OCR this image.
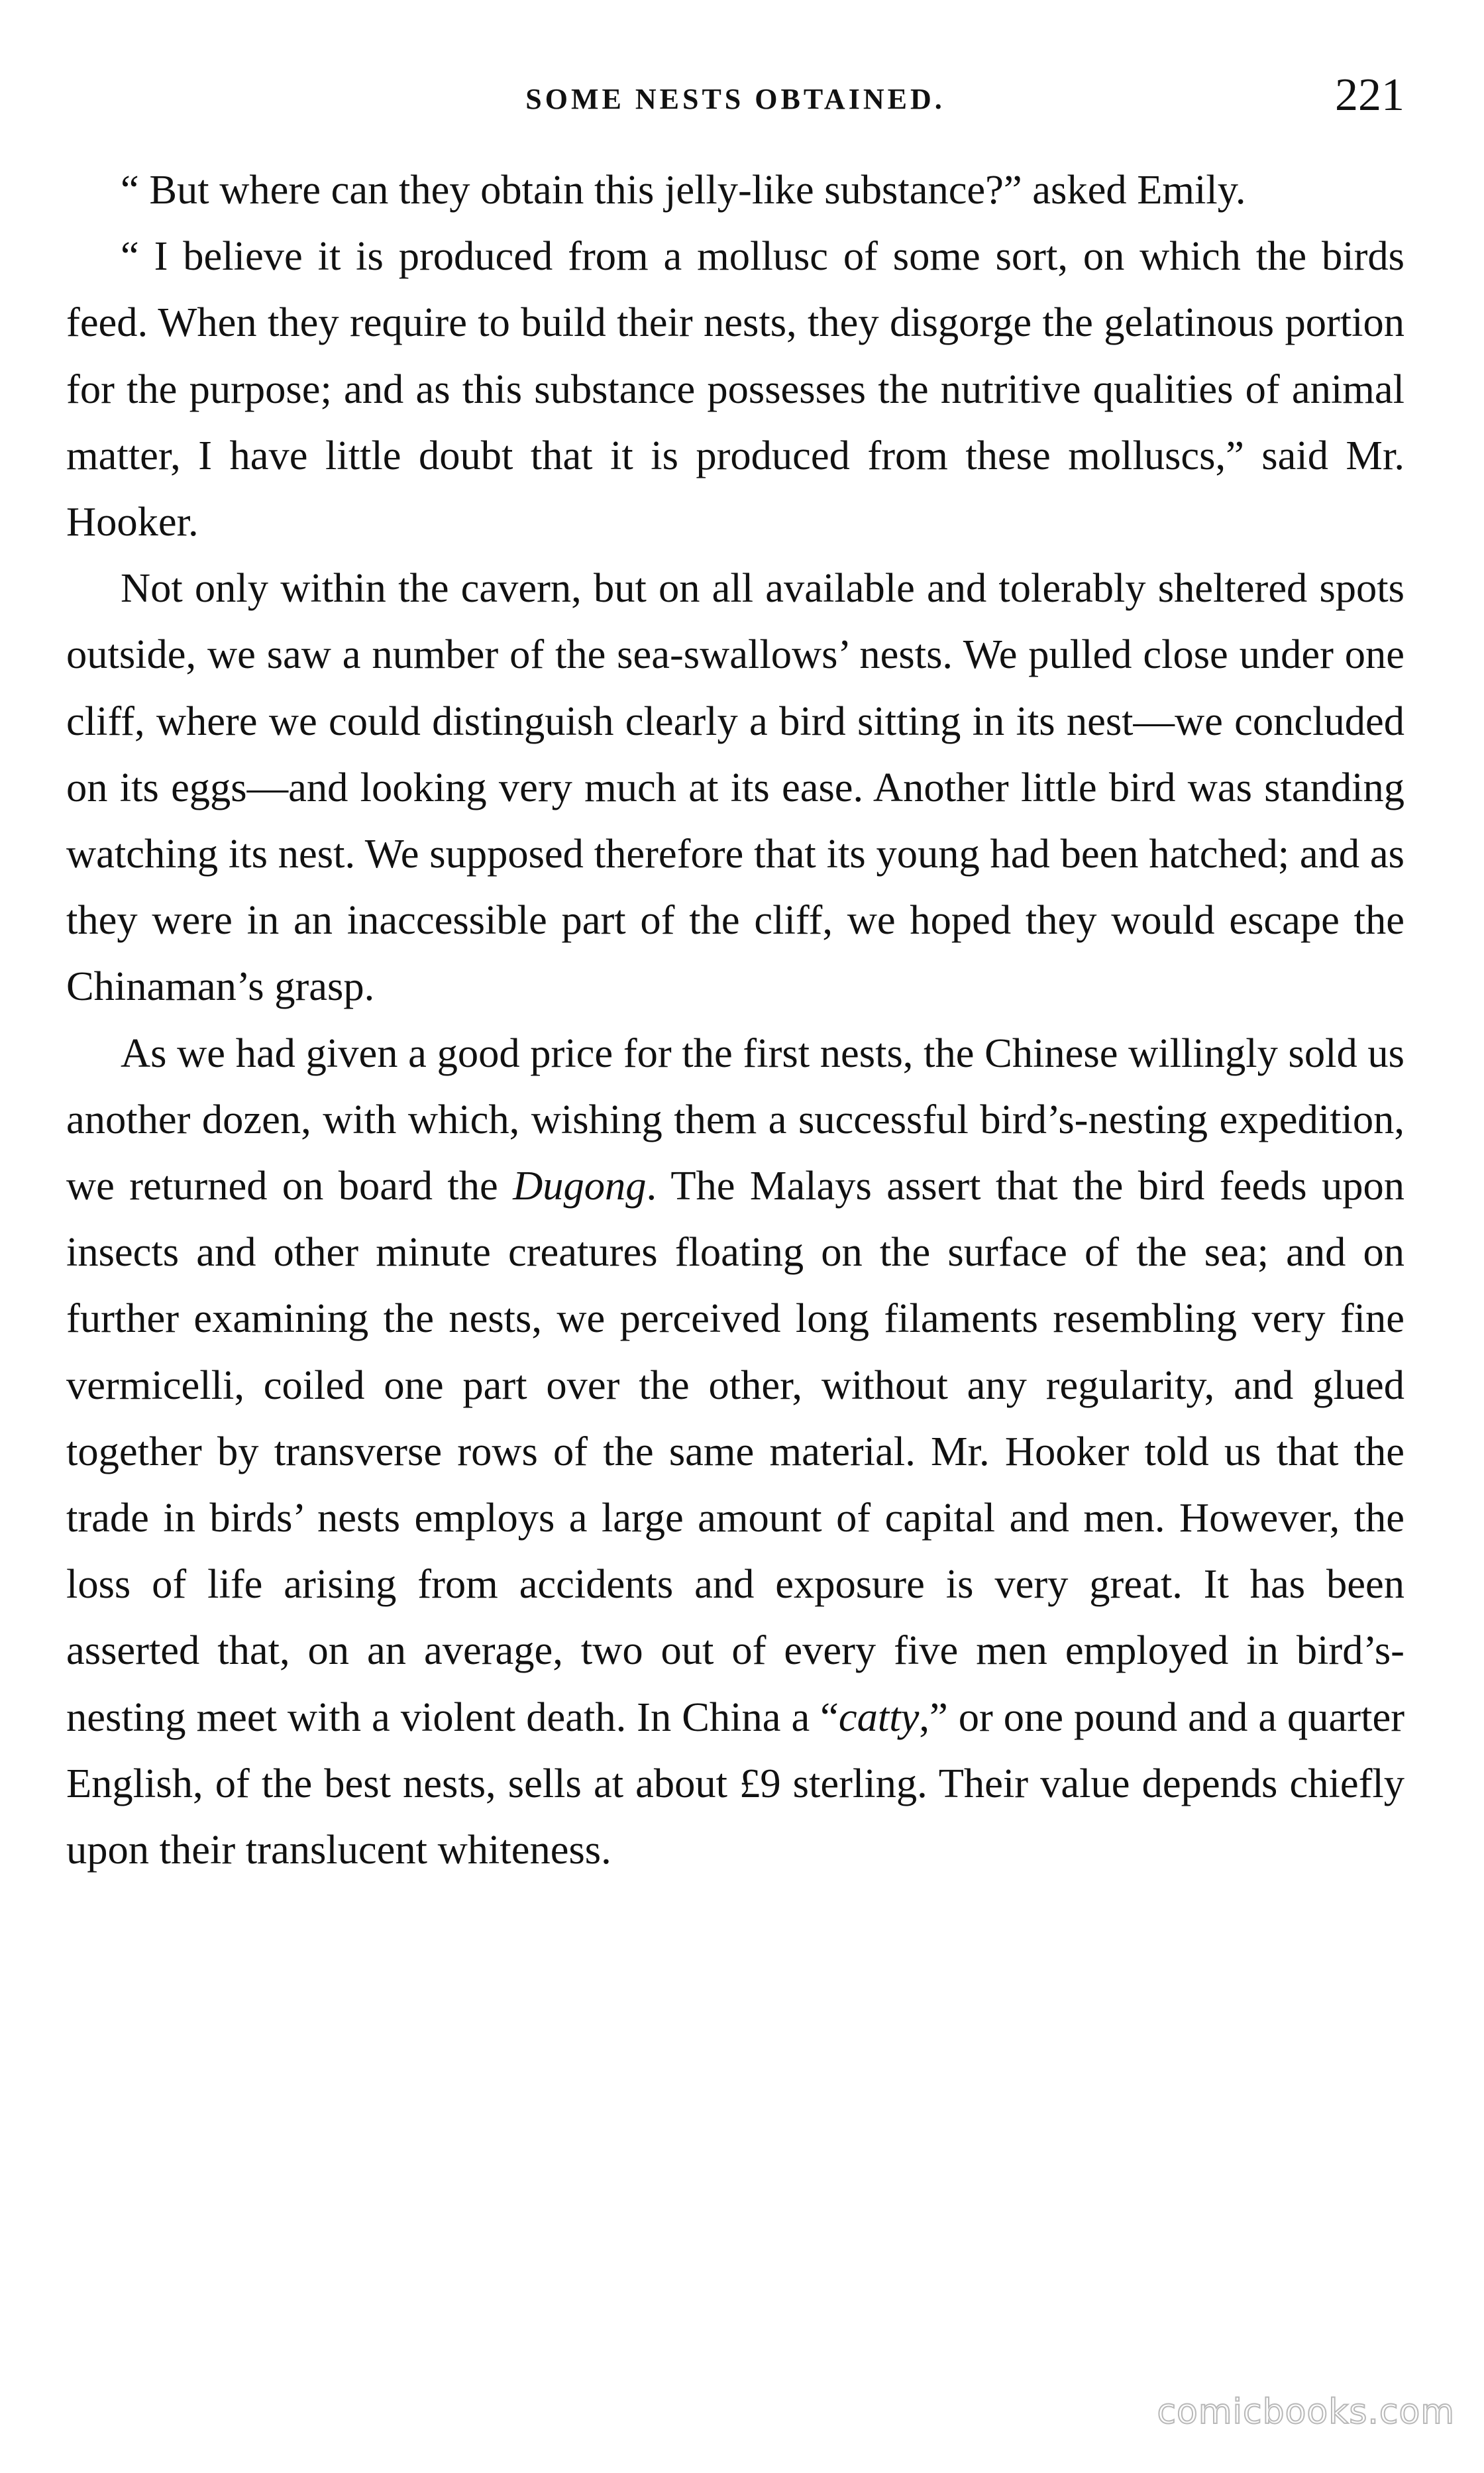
SOME NESTS OBTAINED.	221

“ But where can they obtain this jelly-like substance?” asked Emily.

“ I believe it is produced from a mollusc of some sort, on which the birds feed. When they require to build their nests, they disgorge the gelatinous portion for the purpose; and as this substance possesses the nutritive qualities of animal matter, I have little doubt that it is produced from these molluscs,” said Mr. Hooker.

Not only within the cavern, but on all available and tolerably sheltered spots outside, we saw a number of the sea-swallows’ nests. We pulled close under one cliff, where we could distinguish clearly a bird sitting in its nest—we concluded on its eggs—and looking very much at its ease. Another little bird was standing watching its nest. We supposed therefore that its young had been hatched; and as they were in an inaccessible part of the cliff, we hoped they would escape the Chinaman’s grasp.

As we had given a good price for the first nests, the Chinese willingly sold us another dozen, with which, wishing them a successful bird’s-nesting expedition, we returned on board the Dugong. The Malays assert that the bird feeds upon insects and other minute creatures floating on the surface of the sea; and on further examining the nests, we perceived long filaments resembling very fine vermicelli, coiled one part over the other, without any regularity, and glued together by transverse rows of the same material. Mr. Hooker told us that the trade in birds’ nests employs a large amount of capital and men. However, the loss of life arising from accidents and exposure is very great. It has been asserted that, on an average, two out of every five men employed in bird’s-nesting meet with a violent death. In China a “catty,” or one pound and a quarter English, of the best nests, sells at about £9 sterling. Their value depends chiefly upon their translucent whiteness.

comicbooks.com
